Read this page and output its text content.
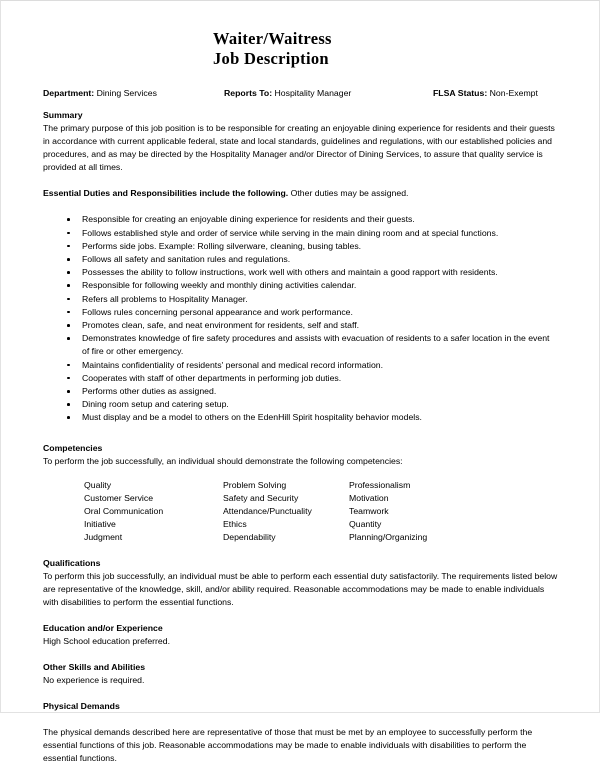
Waiter/Waitress
Job Description
Department: Dining Services	Reports To: Hospitality Manager	FLSA Status: Non-Exempt
Summary

The primary purpose of this job position is to be responsible for creating an enjoyable dining experience for residents and their guests in accordance with current applicable federal, state and local standards, guidelines and regulations, with our established policies and procedures, and as may be directed by the Hospitality Manager and/or Director of Dining Services, to assure that quality service is provided at all times.

Essential Duties and Responsibilities include the following. Other duties may be assigned.

Responsible for creating an enjoyable dining experience for residents and their guests.
Follows established style and order of service while serving in the main dining room and at special functions.
Performs side jobs. Example: Rolling silverware, cleaning, busing tables.
Follows all safety and sanitation rules and regulations.
Possesses the ability to follow instructions, work well with others and maintain a good rapport with residents.
Responsible for following weekly and monthly dining activities calendar.
Refers all problems to Hospitality Manager.
Follows rules concerning personal appearance and work performance.
Promotes clean, safe, and neat environment for residents, self and staff.
Demonstrates knowledge of fire safety procedures and assists with evacuation of residents to a safer location in the event of fire or other emergency.
Maintains confidentiality of residents' personal and medical record information.
Cooperates with staff of other departments in performing job duties.
Performs other duties as assigned.
Dining room setup and catering setup.
Must display and be a model to others on the EdenHill Spirit hospitality behavior models.
Competencies

To perform the job successfully, an individual should demonstrate the following competencies:

Quality
Customer Service
Oral Communication
Initiative
Judgment
Problem Solving
Safety and Security
Attendance/Punctuality
Ethics
Dependability
Professionalism
Motivation
Teamwork
Quantity
Planning/Organizing
Qualifications

To perform this job successfully, an individual must be able to perform each essential duty satisfactorily. The requirements listed below are representative of the knowledge, skill, and/or ability required. Reasonable accommodations may be made to enable individuals with disabilities to perform the essential functions.

Education and/or Experience

High School education preferred.

Other Skills and Abilities

No experience is required.

Physical Demands

The physical demands described here are representative of those that must be met by an employee to successfully perform the essential functions of this job. Reasonable accommodations may be made to enable individuals with disabilities to perform the essential functions.
